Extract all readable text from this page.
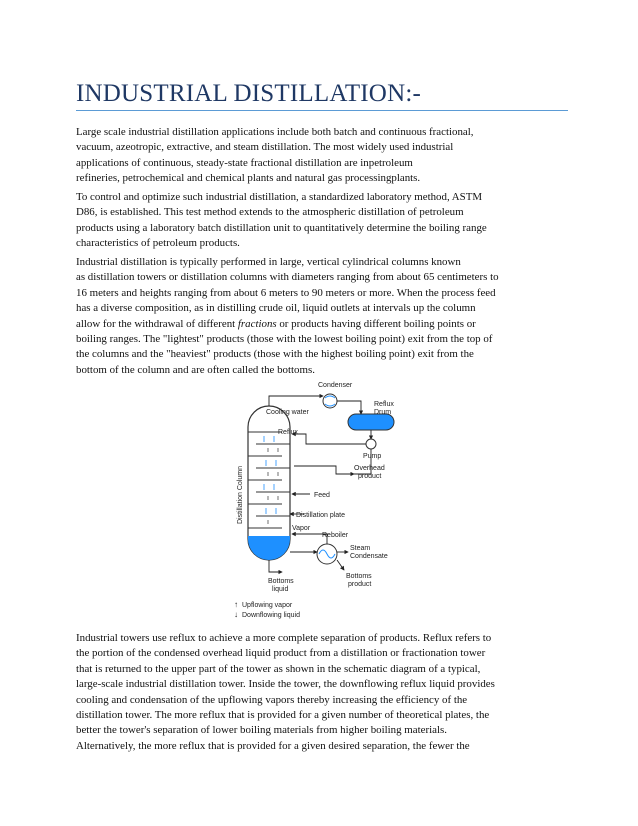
INDUSTRIAL DISTILLATION:-
Large scale industrial distillation applications include both batch and continuous fractional,
vacuum, azeotropic, extractive, and steam distillation. The most widely used industrial
applications of continuous, steady-state fractional distillation are inpetroleum
refineries, petrochemical and chemical plants and natural gas processingplants.
To control and optimize such industrial distillation, a standardized laboratory method, ASTM
D86, is established. This test method extends to the atmospheric distillation of petroleum
products using a laboratory batch distillation unit to quantitatively determine the boiling range
characteristics of petroleum products.
Industrial distillation is typically performed in large, vertical cylindrical columns known
as distillation towers or distillation columns with diameters ranging from about 65 centimeters to
16 meters and heights ranging from about 6 meters to 90 meters or more. When the process feed
has a diverse composition, as in distilling crude oil, liquid outlets at intervals up the column
allow for the withdrawal of different fractions or products having different boiling points or
boiling ranges. The "lightest" products (those with the lowest boiling point) exit from the top of
the columns and the "heaviest" products (those with the highest boiling point) exit from the
bottom of the column and are often called the bottoms.
Distillation Column
Condenser
Cooling water
Reflux
Drum
Pump
Reboiler
Reflux
Overhead
product
Feed
Distillation plate
Vapor
Steam
Condensate
Bottoms
product
Bottoms
liquid
↑ Upflowing vapor
↓ Downflowing liquid
Industrial towers use reflux to achieve a more complete separation of products. Reflux refers to
the portion of the condensed overhead liquid product from a distillation or fractionation tower
that is returned to the upper part of the tower as shown in the schematic diagram of a typical,
large-scale industrial distillation tower. Inside the tower, the downflowing reflux liquid provides
cooling and condensation of the upflowing vapors thereby increasing the efficiency of the
distillation tower. The more reflux that is provided for a given number of theoretical plates, the
better the tower's separation of lower boiling materials from higher boiling materials.
Alternatively, the more reflux that is provided for a given desired separation, the fewer the
